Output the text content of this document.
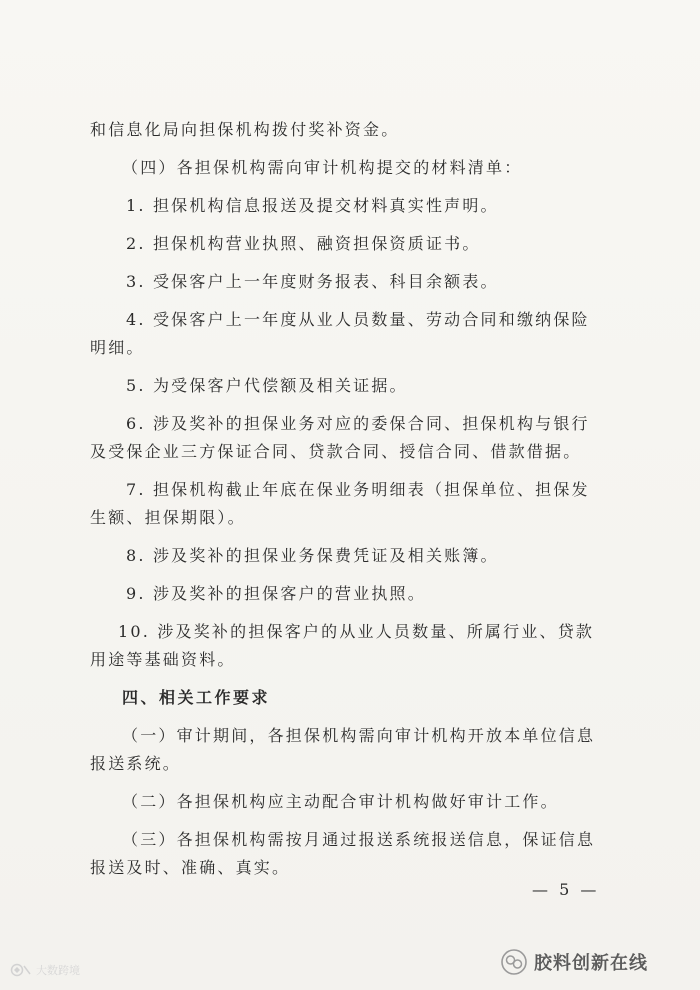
和信息化局向担保机构拨付奖补资金。
（四）各担保机构需向审计机构提交的材料清单：
1. 担保机构信息报送及提交材料真实性声明。
2. 担保机构营业执照、融资担保资质证书。
3. 受保客户上一年度财务报表、科目余额表。
4. 受保客户上一年度从业人员数量、劳动合同和缴纳保险
明细。
5. 为受保客户代偿额及相关证据。
6. 涉及奖补的担保业务对应的委保合同、担保机构与银行
及受保企业三方保证合同、贷款合同、授信合同、借款借据。
7. 担保机构截止年底在保业务明细表（担保单位、担保发
生额、担保期限）。
8. 涉及奖补的担保业务保费凭证及相关账簿。
9. 涉及奖补的担保客户的营业执照。
10. 涉及奖补的担保客户的从业人员数量、所属行业、贷款
用途等基础资料。
四、相关工作要求
（一）审计期间，各担保机构需向审计机构开放本单位信息
报送系统。
（二）各担保机构应主动配合审计机构做好审计工作。
（三）各担保机构需按月通过报送系统报送信息，保证信息
报送及时、准确、真实。
— 5 —
大数跨境	胶料创新在线
